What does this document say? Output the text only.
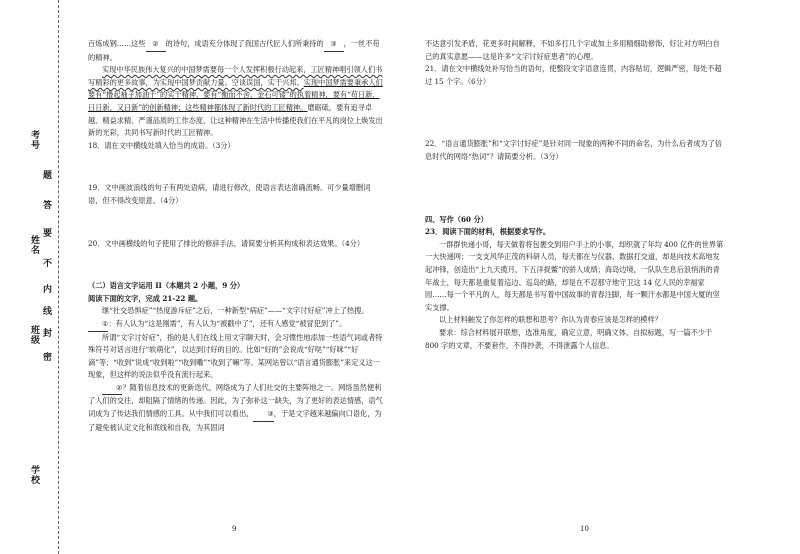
考号
姓名
班级
学校
题
答
要
不
内
线
封
密

百炼成钢……这些 ② 的诗句，成语充分体现了我国古代匠人们所秉持的 ③ ，一丝不苟的精神。

实现中华民族伟大复兴的中国梦需要每一个人发挥积极行动起来，工匠精神唱引领人们书写精彩的更多故事，为实现中国梦贡献力量。空谈误国，实干兴邦。实现中国梦需要秉承人们要有“撸起袖子加油干”的实干精神，要有“衡而不舍，金石可镂”的执着精神，要有“苟日新，日日新，又日新”的创新精神；这些精神都体现了新时代的工匠精神。磨砺砥，要有追寻卓越、精益求精、严谨品质的工作态度，让这种精神在生活中传播使我们在平凡的岗位上焕发出新的光彩，共同书写新时代的工匠精神。

18．请在文中横线处填入恰当的成语。（3分）

19．文中画波浪线的句子有两处语病，请进行修改，使语言表达准确流畅。可少量增删词语，但不得改变原意。（4分）

20．文中画横线的句子使用了排比的修辞手法，请简要分析其构成和表达效果。（4分）

（二）语言文字运用 II（本题共 2 小题，9 分）

阅读下面的文字，完成 21-22 题。

继“社交恐惧症”“热度游斥症”之后，一种新型“病症”——“文字讨好症”冲上了热搜。①：有人认为“这是刚需”，有人认为“被戳中了”，还有人感觉“被冒犯到了”。

所谓“文字讨好症”，指的是人们在线上用文字聊天时，会习惯性地添加一些语气词或者特殊符号对话言进行“软萌化”，以达到讨好的目的。比如“好的”会说成“好哒”“好咪”“好滴”等；“收到”说成“收到啦”“收到嘞”“收到了嘛”等。某网站曾以“语言通货膨胀”来定义这一现象，但这样的说法似乎没有流行起来。

②？随着信息技术的更新迭代，网络成为了人们社交的主要阵地之一。网络虽然便利了人们的交往，却阻隔了情绪的传递。因此，为了弥补这一缺失，为了更好的表达情感，语气词成为了传达我们情感的工具。从中我们可以看出， ③，于是文字越来越偏向口语化，为了避免被认定文化和底线和自我，为其固词

9

不达意引发矛盾，花更多时间解释，不如多打几个字或加上多用精细助修饰，好让对方明白自己的真实意愿——这是许多“文字讨好症患者”的心理。

21．请在文中横线处补写恰当的语句，使整段文字语意连贯，内容贴切，逻辑严密，每处不超过 15 个字。（6分）

22．“语言通货膨胀”和“文字讨好症”是针对同一现象的两种不同的命名，为什么后者成为了信息时代的网络“热词”？请简要分析。（3分）

四、写作（60 分）

23．阅读下面的材料，根据要求写作。

一群群快递小哥，每天做着将包裹交到用户手上的小事，却织就了年均 400 亿件的世界第一大快递网；一支支风华正茂的科研人员，每天都在与仪器、数据打交道，却是向技术高地发起冲锋，创造出“上九天揽月，下五洋捉鳖”的骄人成绩；海岛边境，一队队生息后浪悄消的青年战士，每天都是重复着巡边、巡岛的路，却是在不忍那守地守卫这 14 亿人民的幸福家园……每一个平凡的人，每天都是书写着中国故事的青春注脚，每一颗汗水都是中国大厦的坚实支撑。

以上材料触发了你怎样的联想和思考？你认为青春应该是怎样的模样？

要求：综合材料展开联想，选准角度，确定立意，明确文体，自拟标题，写一篇不少于 800 字的文章，不要套作，不得抄袭，不得泄露个人信息。

10
